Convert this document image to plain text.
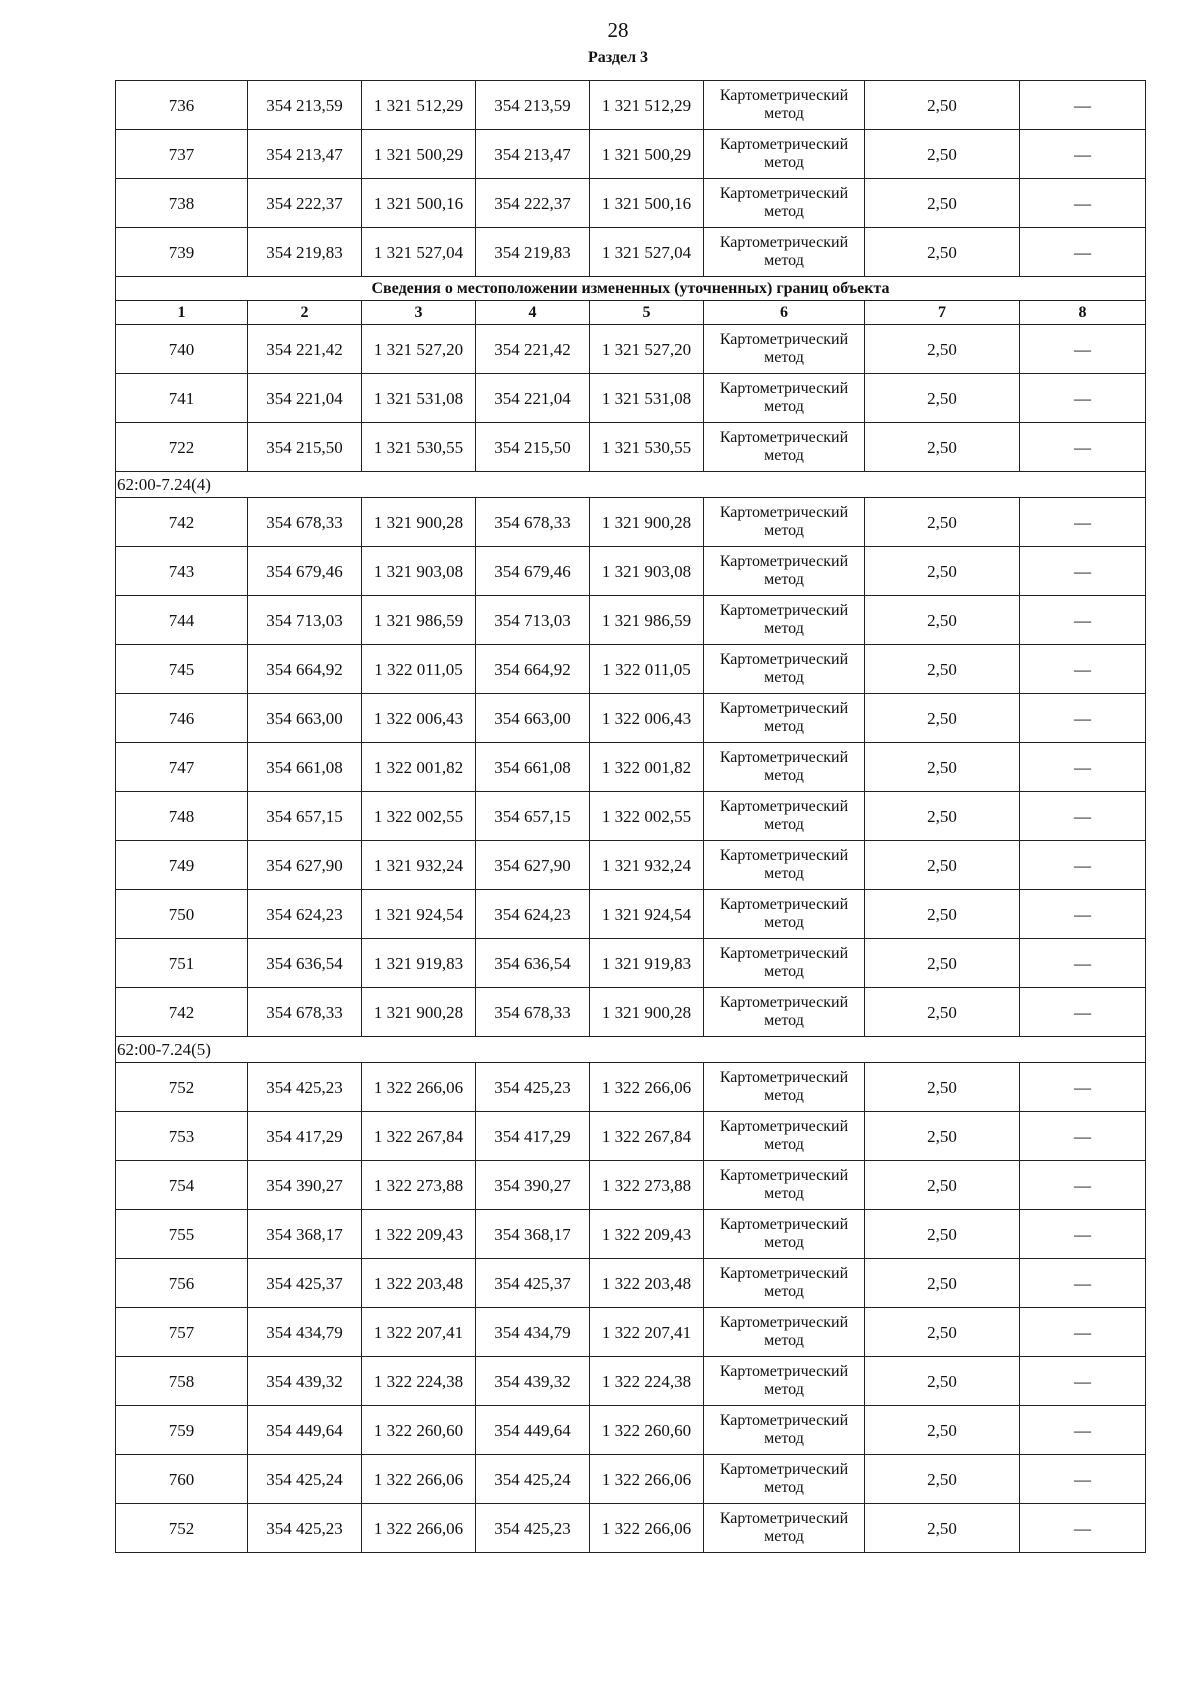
28
Раздел 3
736	354 213,59	1 321 512,29	354 213,59	1 321 512,29	Картометрический метод	2,50	—
737	354 213,47	1 321 500,29	354 213,47	1 321 500,29	Картометрический метод	2,50	—
738	354 222,37	1 321 500,16	354 222,37	1 321 500,16	Картометрический метод	2,50	—
739	354 219,83	1 321 527,04	354 219,83	1 321 527,04	Картометрический метод	2,50	—
Сведения о местоположении измененных (уточненных) границ объекта							
1	2	3	4	5	6	7	8
740	354 221,42	1 321 527,20	354 221,42	1 321 527,20	Картометрический метод	2,50	—
741	354 221,04	1 321 531,08	354 221,04	1 321 531,08	Картометрический метод	2,50	—
722	354 215,50	1 321 530,55	354 215,50	1 321 530,55	Картометрический метод	2,50	—
62:00-7.24(4)							
742	354 678,33	1 321 900,28	354 678,33	1 321 900,28	Картометрический метод	2,50	—
743	354 679,46	1 321 903,08	354 679,46	1 321 903,08	Картометрический метод	2,50	—
744	354 713,03	1 321 986,59	354 713,03	1 321 986,59	Картометрический метод	2,50	—
745	354 664,92	1 322 011,05	354 664,92	1 322 011,05	Картометрический метод	2,50	—
746	354 663,00	1 322 006,43	354 663,00	1 322 006,43	Картометрический метод	2,50	—
747	354 661,08	1 322 001,82	354 661,08	1 322 001,82	Картометрический метод	2,50	—
748	354 657,15	1 322 002,55	354 657,15	1 322 002,55	Картометрический метод	2,50	—
749	354 627,90	1 321 932,24	354 627,90	1 321 932,24	Картометрический метод	2,50	—
750	354 624,23	1 321 924,54	354 624,23	1 321 924,54	Картометрический метод	2,50	—
751	354 636,54	1 321 919,83	354 636,54	1 321 919,83	Картометрический метод	2,50	—
742	354 678,33	1 321 900,28	354 678,33	1 321 900,28	Картометрический метод	2,50	—
62:00-7.24(5)							
752	354 425,23	1 322 266,06	354 425,23	1 322 266,06	Картометрический метод	2,50	—
753	354 417,29	1 322 267,84	354 417,29	1 322 267,84	Картометрический метод	2,50	—
754	354 390,27	1 322 273,88	354 390,27	1 322 273,88	Картометрический метод	2,50	—
755	354 368,17	1 322 209,43	354 368,17	1 322 209,43	Картометрический метод	2,50	—
756	354 425,37	1 322 203,48	354 425,37	1 322 203,48	Картометрический метод	2,50	—
757	354 434,79	1 322 207,41	354 434,79	1 322 207,41	Картометрический метод	2,50	—
758	354 439,32	1 322 224,38	354 439,32	1 322 224,38	Картометрический метод	2,50	—
759	354 449,64	1 322 260,60	354 449,64	1 322 260,60	Картометрический метод	2,50	—
760	354 425,24	1 322 266,06	354 425,24	1 322 266,06	Картометрический метод	2,50	—
752	354 425,23	1 322 266,06	354 425,23	1 322 266,06	Картометрический метод	2,50	—
